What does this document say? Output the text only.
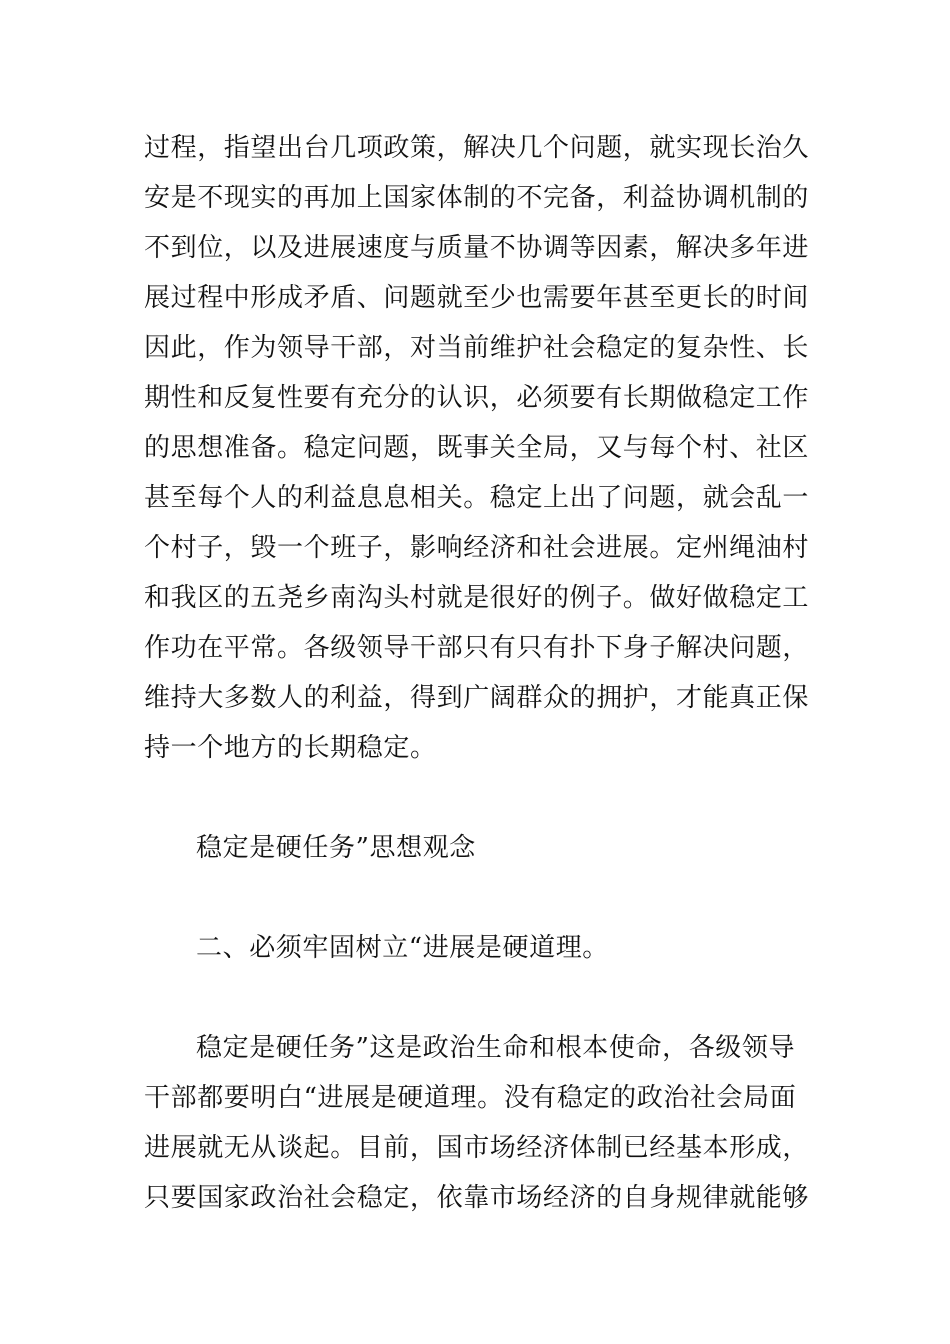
过程，指望出台几项政策，解决几个问题，就实现长治久
安是不现实的再加上国家体制的不完备，利益协调机制的
不到位，以及进展速度与质量不协调等因素，解决多年进
展过程中形成矛盾、问题就至少也需要年甚至更长的时间
因此，作为领导干部，对当前维护社会稳定的复杂性、长
期性和反复性要有充分的认识，必须要有长期做稳定工作
的思想准备。稳定问题，既事关全局，又与每个村、社区
甚至每个人的利益息息相关。稳定上出了问题，就会乱一
个村子，毁一个班子，影响经济和社会进展。定州绳油村
和我区的五尧乡南沟头村就是很好的例子。做好做稳定工
作功在平常。各级领导干部只有只有扑下身子解决问题，
维持大多数人的利益，得到广阔群众的拥护，才能真正保
持一个地方的长期稳定。
稳定是硬任务”思想观念
二、必须牢固树立“进展是硬道理。
稳定是硬任务”这是政治生命和根本使命，各级领导
干部都要明白“进展是硬道理。没有稳定的政治社会局面
进展就无从谈起。目前，国市场经济体制已经基本形成，
只要国家政治社会稳定，依靠市场经济的自身规律就能够
